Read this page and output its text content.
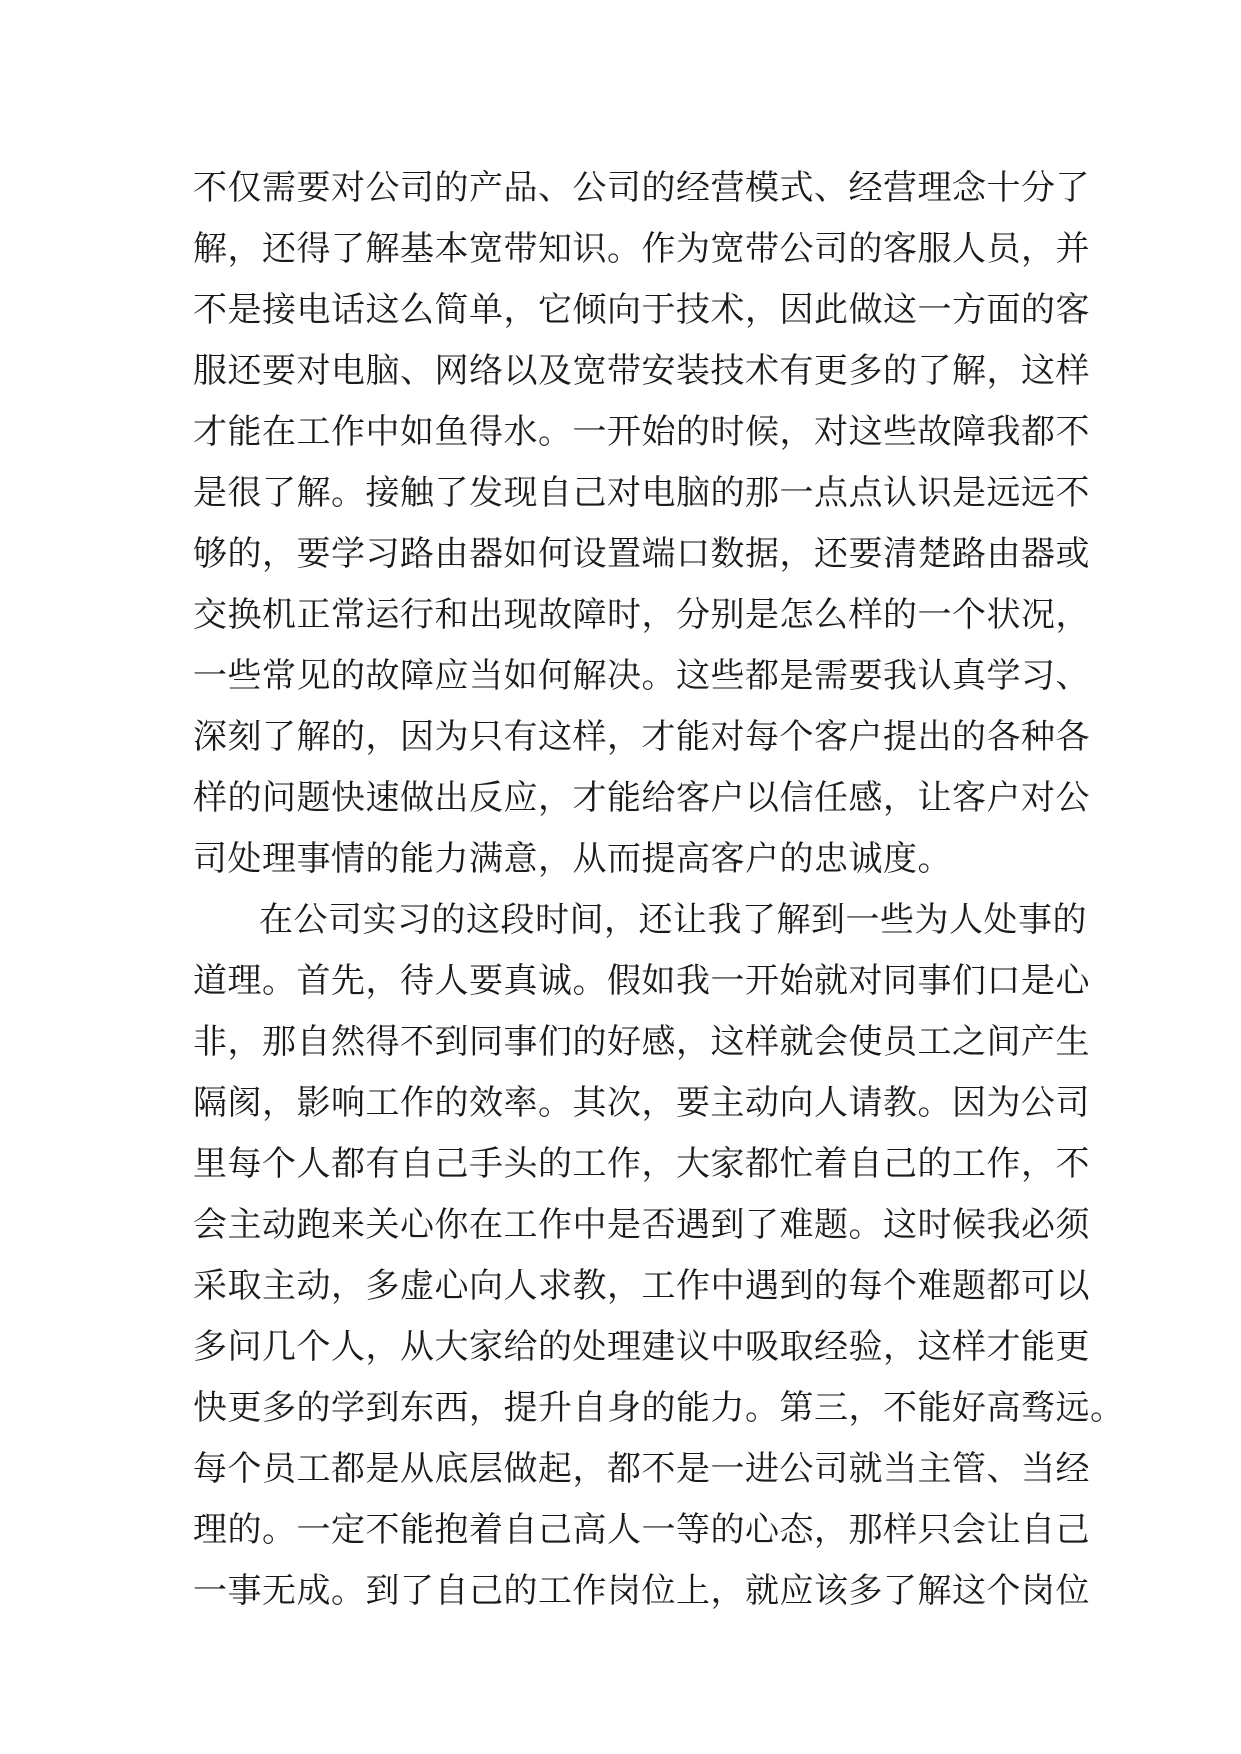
不仅需要对公司的产品、公司的经营模式、经营理念十分了
解，还得了解基本宽带知识。作为宽带公司的客服人员，并
不是接电话这么简单，它倾向于技术，因此做这一方面的客
服还要对电脑、网络以及宽带安装技术有更多的了解，这样
才能在工作中如鱼得水。一开始的时候，对这些故障我都不
是很了解。接触了发现自己对电脑的那一点点认识是远远不
够的，要学习路由器如何设置端口数据，还要清楚路由器或
交换机正常运行和出现故障时，分别是怎么样的一个状况，
一些常见的故障应当如何解决。这些都是需要我认真学习、
深刻了解的，因为只有这样，才能对每个客户提出的各种各
样的问题快速做出反应，才能给客户以信任感，让客户对公
司处理事情的能力满意，从而提高客户的忠诚度。
在公司实习的这段时间，还让我了解到一些为人处事的
道理。首先，待人要真诚。假如我一开始就对同事们口是心
非，那自然得不到同事们的好感，这样就会使员工之间产生
隔阂，影响工作的效率。其次，要主动向人请教。因为公司
里每个人都有自己手头的工作，大家都忙着自己的工作，不
会主动跑来关心你在工作中是否遇到了难题。这时候我必须
采取主动，多虚心向人求教，工作中遇到的每个难题都可以
多问几个人，从大家给的处理建议中吸取经验，这样才能更
快更多的学到东西，提升自身的能力。第三，不能好高骛远。
每个员工都是从底层做起，都不是一进公司就当主管、当经
理的。一定不能抱着自己高人一等的心态，那样只会让自己
一事无成。到了自己的工作岗位上，就应该多了解这个岗位
